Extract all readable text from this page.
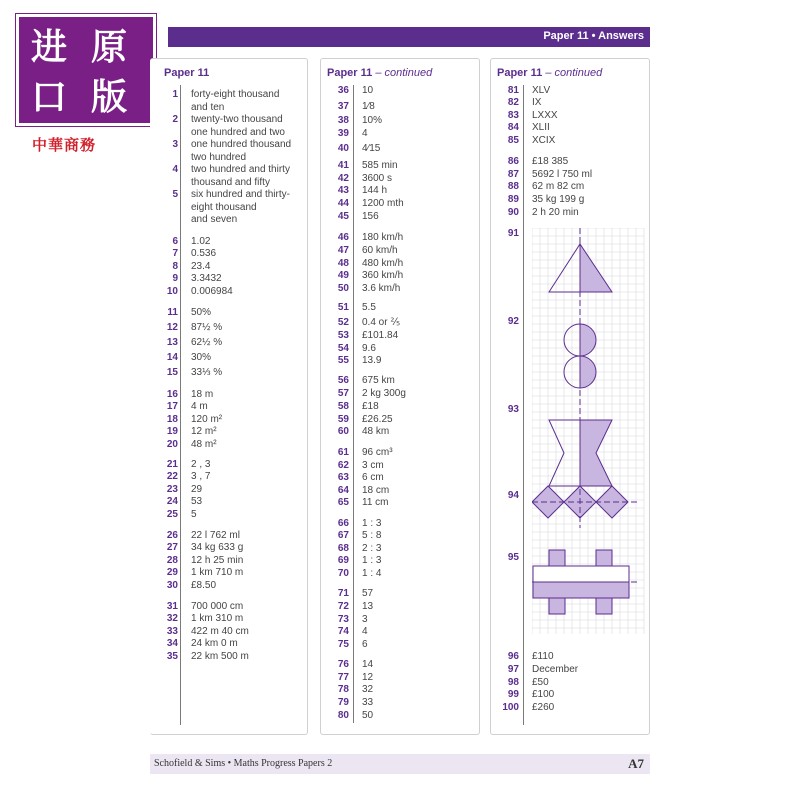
进 原
口 版
中華商務
Paper 11 • Answers
Paper 11
1 forty-eight thousand
and ten
2 twenty-two thousand
one hundred and two
3 one hundred thousand
two hundred
4 two hundred and thirty
thousand and fifty
5 six hundred and thirty-
eight thousand
and seven
6 1.02
7 0.536
8 23.4
9 3.3432
10 0.006984
11 50%
12 87½ %
13 62½ %
14 30%
15 33⅓ %
16 18 m
17 4 m
18 120 m²
19 12 m²
20 48 m²
21 2 , 3
22 3 , 7
23 29
24 53
25 5
26 22 l 762 ml
27 34 kg 633 g
28 12 h 25 min
29 1 km 710 m
30 £8.50
31 700 000 cm
32 1 km 310 m
33 422 m 40 cm
34 24 km 0 m
35 22 km 500 m
Paper 11 – continued
36 10
37 1⁄8
38 10%
39 4
40 4⁄15
41 585 min
42 3600 s
43 144 h
44 1200 mth
45 156
46 180 km/h
47 60 km/h
48 480 km/h
49 360 km/h
50 3.6 km/h
51 5.5
52 0.4 or ⅖
53 £101.84
54 9.6
55 13.9
56 675 km
57 2 kg 300g
58 £18
59 £26.25
60 48 km
61 96 cm³
62 3 cm
63 6 cm
64 18 cm
65 11 cm
66 1 : 3
67 5 : 8
68 2 : 3
69 1 : 3
70 1 : 4
71 57
72 13
73 3
74 4
75 6
76 14
77 12
78 32
79 33
80 50
Paper 11 – continued
81 XLV
82 IX
83 LXXX
84 XLII
85 XCIX
86 £18 385
87 5692 l 750 ml
88 62 m 82 cm
89 35 kg 199 g
90 2 h 20 min
91
92
93
94
95
96 £110
97 December
98 £50
99 £100
100 £260
Schofield & Sims • Maths Progress Papers 2	A7
